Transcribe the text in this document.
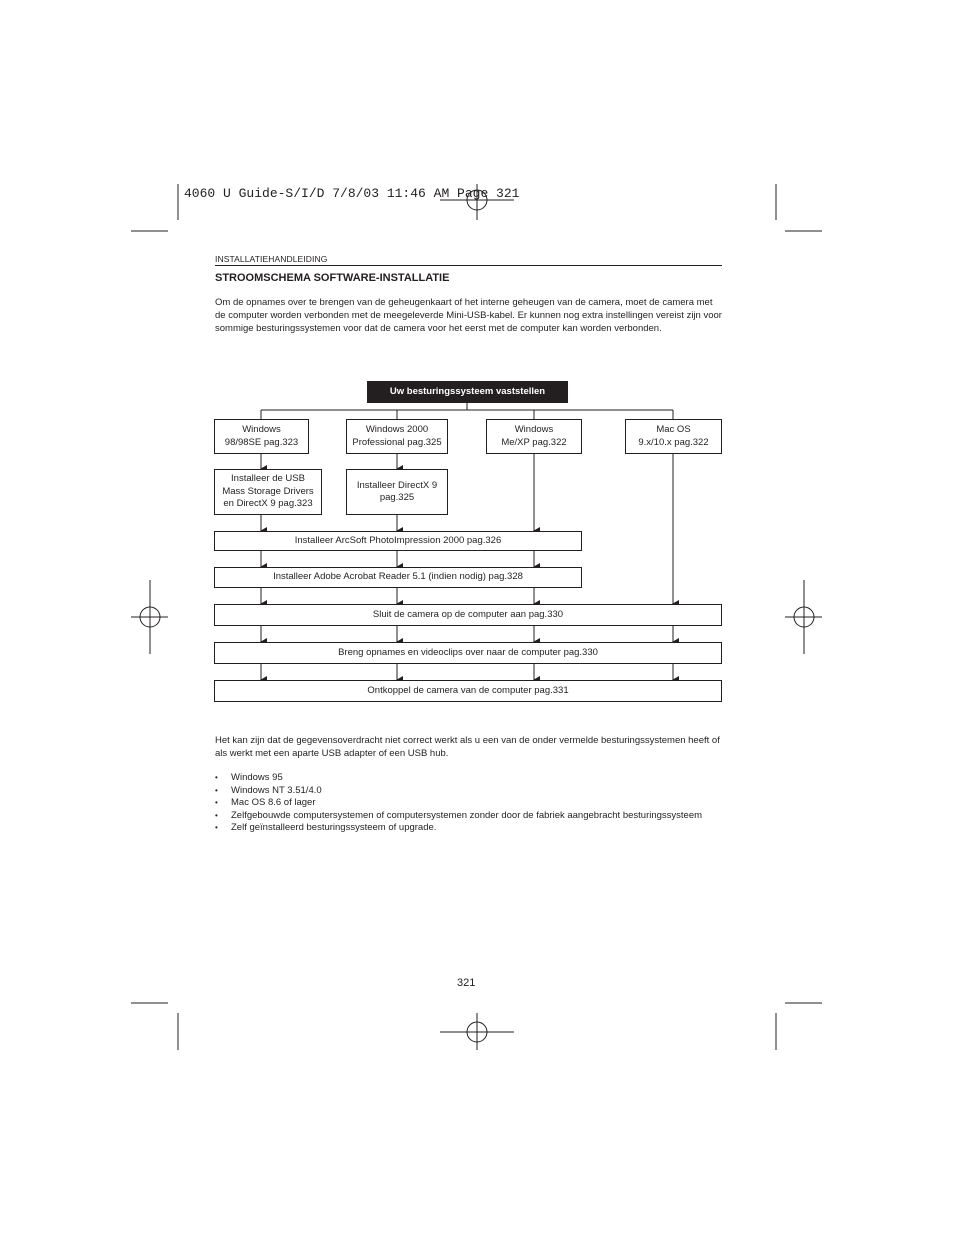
4060 U Guide-S/I/D 7/8/03 11:46 AM Page 321
INSTALLATIEHANDLEIDING
STROOMSCHEMA SOFTWARE-INSTALLATIE
Om de opnames over te brengen van de geheugenkaart of het interne geheugen van de camera, moet de camera met de computer worden verbonden met de meegeleverde Mini-USB-kabel. Er kunnen nog extra instellingen vereist zijn voor sommige besturingssystemen voor dat de camera voor het eerst met de computer kan worden verbonden.
Uw besturingssysteem vaststellen
Windows
98/98SE pag.323
Windows 2000
Professional pag.325
Windows
Me/XP pag.322
Mac OS
9.x/10.x pag.322
Installeer de USB
Mass Storage Drivers
en DirectX 9 pag.323
Installeer DirectX 9
pag.325
Installeer ArcSoft PhotoImpression 2000 pag.326
Installeer Adobe Acrobat Reader 5.1 (indien nodig) pag.328
Sluit de camera op de computer aan pag.330
Breng opnames en videoclips over naar de computer pag.330
Ontkoppel de camera van de computer pag.331
Het kan zijn dat de gegevensoverdracht niet correct werkt als u een van de onder vermelde besturingssystemen heeft of als werkt met een aparte USB adapter of een USB hub.
• Windows 95
• Windows NT 3.51/4.0
• Mac OS 8.6 of lager
• Zelfgebouwde computersystemen of computersystemen zonder door de fabriek aangebracht besturingssysteem
• Zelf geïnstalleerd besturingssysteem of upgrade.
321
